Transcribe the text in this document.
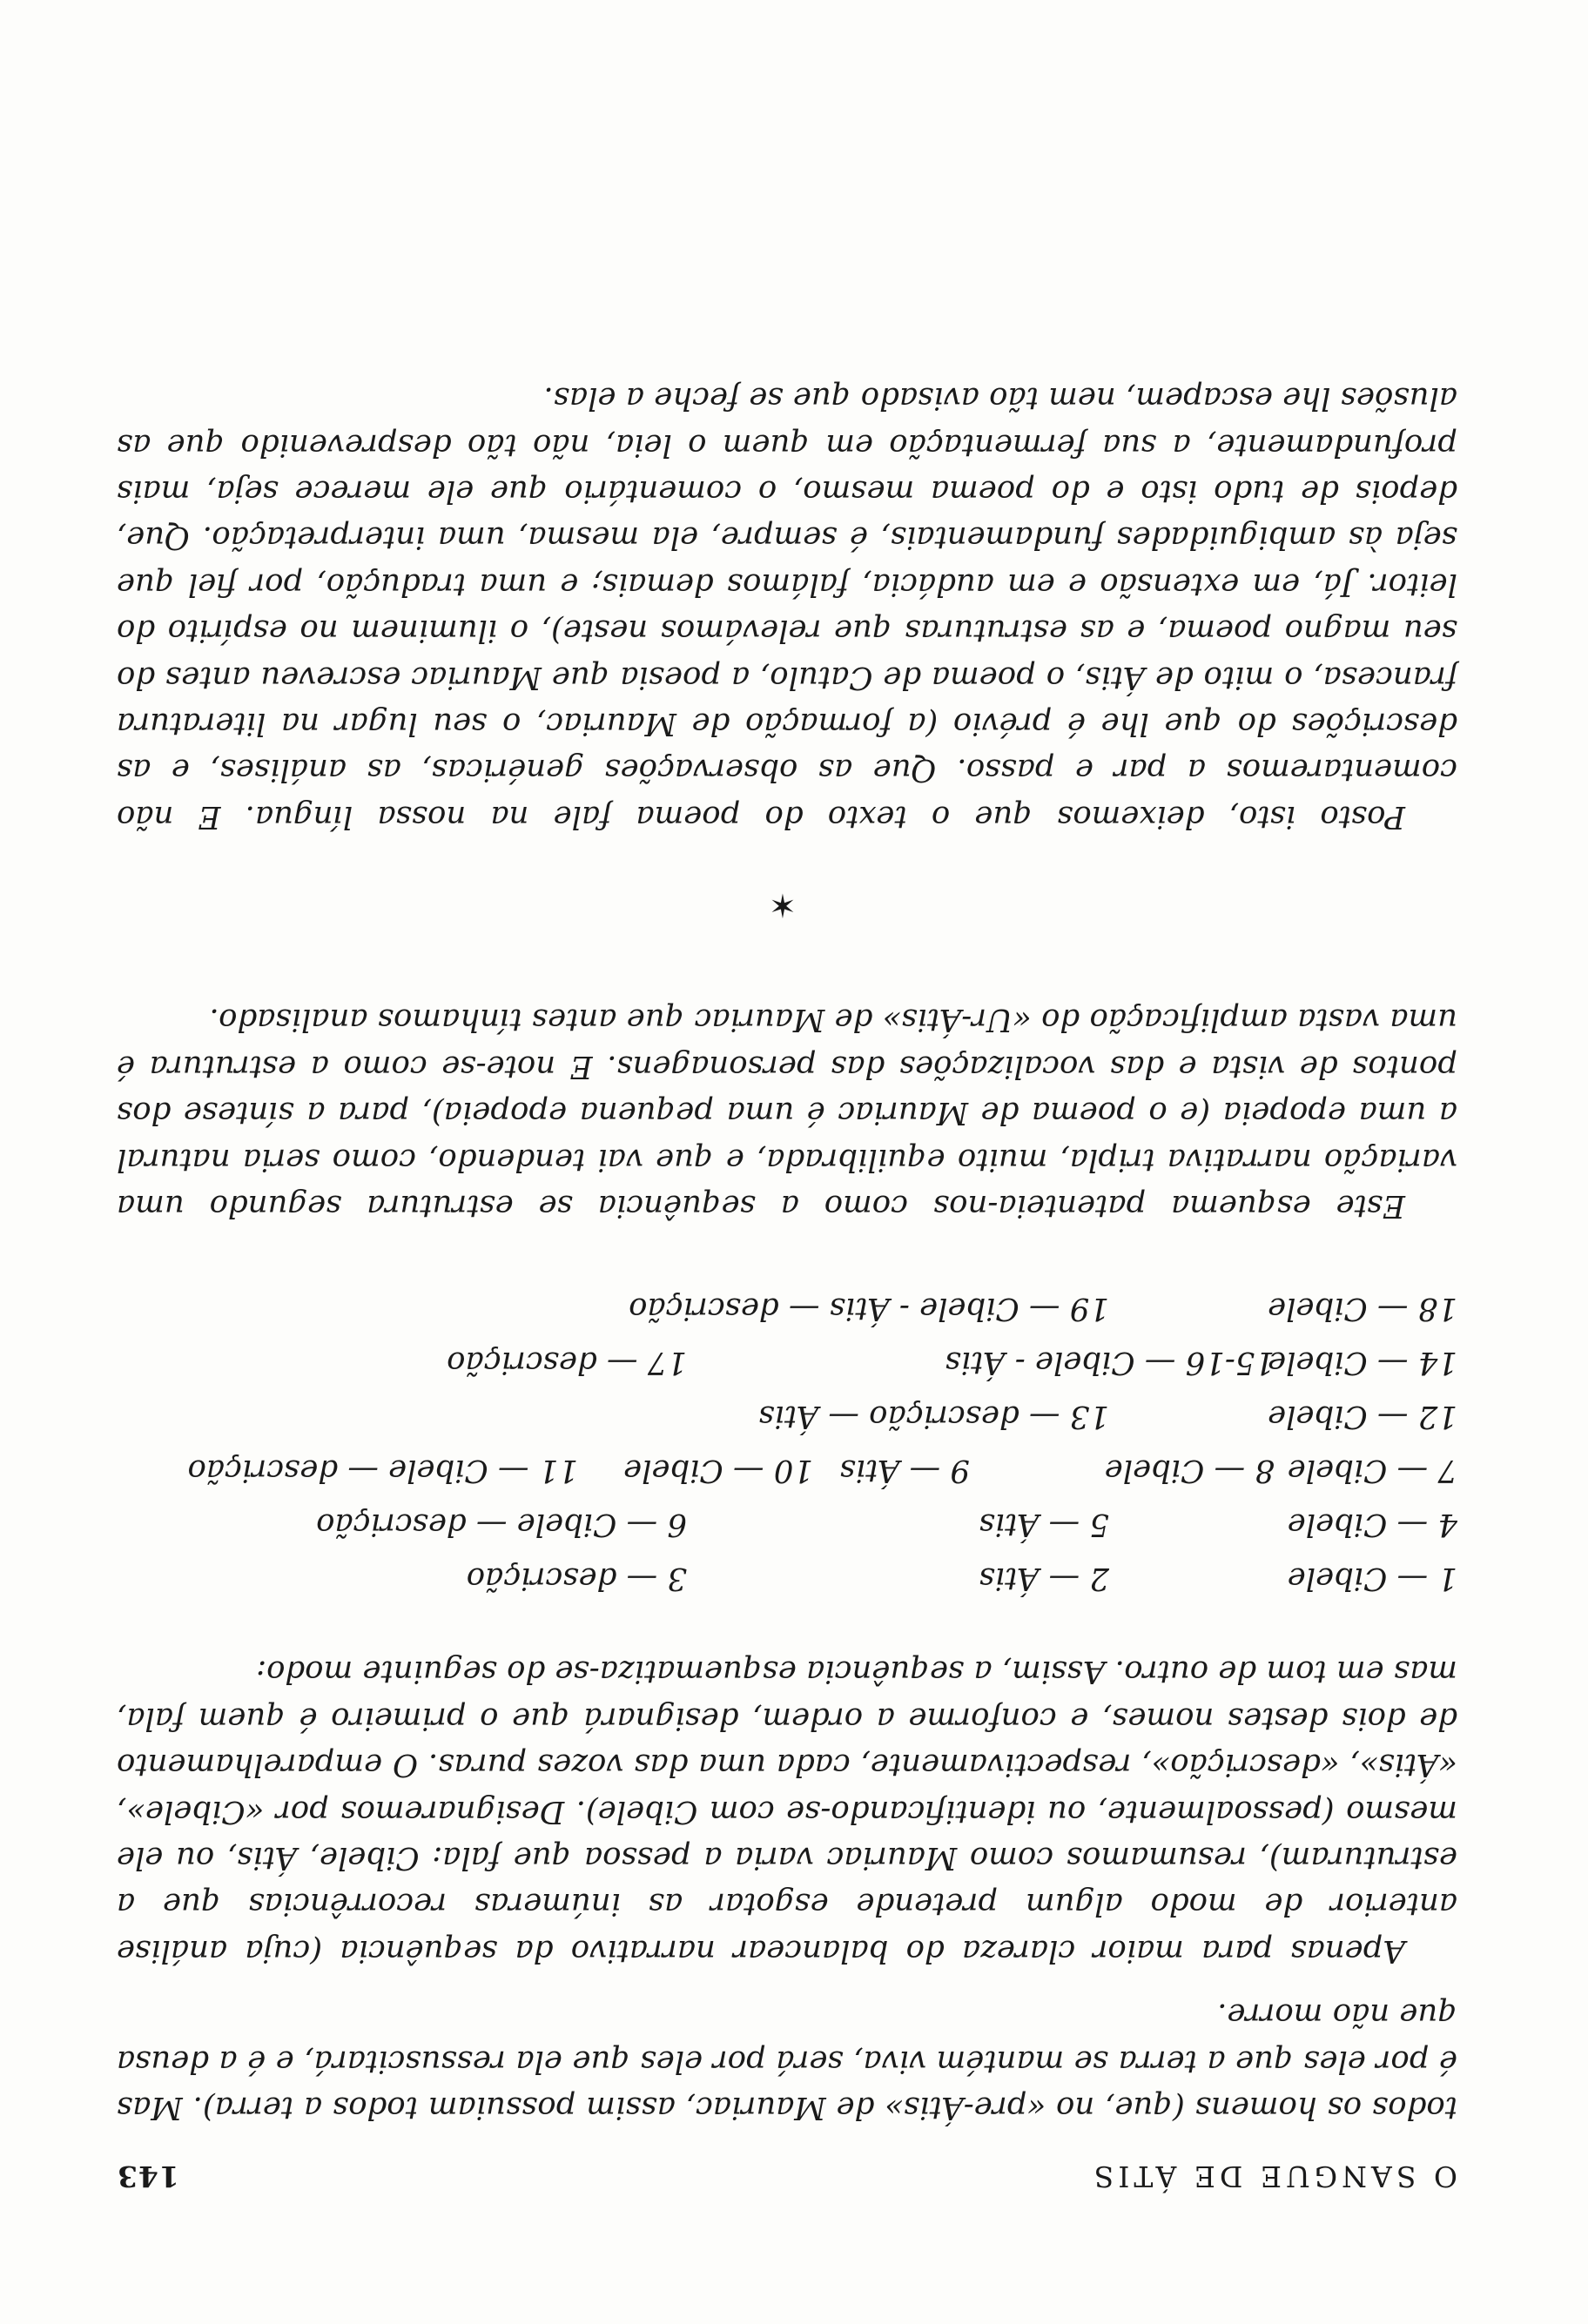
O SANGUE DE ÁTIS
143

todos os homens (que, no «pre-Átis» de Mauriac, assim possuiam todos a terra). Mas é por eles que a terra se mantém viva, será por eles que ela ressuscitará, e é a deusa que não morre.

Apenas para maior clareza do balancear narrativo da sequência (cuja análise anterior de modo algum pretende esgotar as inúmeras recorrências que a estruturam), resumamos como Mauriac varia a pessoa que fala: Cibele, Átis, ou ele mesmo (pessoalmente, ou identificando-se com Cibele). Designaremos por «Cibele», «Átis», «descrição», respectivamente, cada uma das vozes puras. O emparelhamento de dois destes nomes, e conforme a ordem, designará que o primeiro é quem fala, mas em tom de outro. Assim, a sequência esquematiza-se do seguinte modo:

1 — Cibele
2 — Átis
3 — descrição
4 — Cibele
5 — Átis
6 — Cibele — descrição
7 — Cibele
8 — Cibele
9 — Átis
10 — Cibele
11 — Cibele — descrição
12 — Cibele
13 — descrição — Átis
14 — Cibele
15-16 — Cibele - Átis
17 — descrição
18 — Cibele
19 — Cibele - Átis — descrição

Este esquema patenteia-nos como a sequência se estrutura segundo uma variação narrativa tripla, muito equilibrada, e que vai tendendo, como seria natural a uma epopeia (e o poema de Mauriac é uma pequena epopeia), para a síntese dos pontos de vista e das vocalizações das personagens. E note-se como a estrutura é uma vasta amplificação do «Ur-Átis» de Mauriac que antes tínhamos analisado.

✶

Posto isto, deixemos que o texto do poema fale na nossa língua. E não comentaremos a par e passo. Que as observações genéricas, as análises, e as descrições do que lhe é prévio (a formação de Mauriac, o seu lugar na literatura francesa, o mito de Átis, o poema de Catulo, a poesia que Mauriac escreveu antes do seu magno poema, e as estruturas que relevámos neste), o iluminem no espírito do leitor. Já, em extensão e em audácia, falámos demais; e uma tradução, por fiel que seja às ambiguidades fundamentais, é sempre, ela mesma, uma interpretação. Que, depois de tudo isto e do poema mesmo, o comentário que ele merece seja, mais profundamente, a sua fermentação em quem o leia, não tão desprevenido que as alusões lhe escapem, nem tão avisado que se feche a elas.
